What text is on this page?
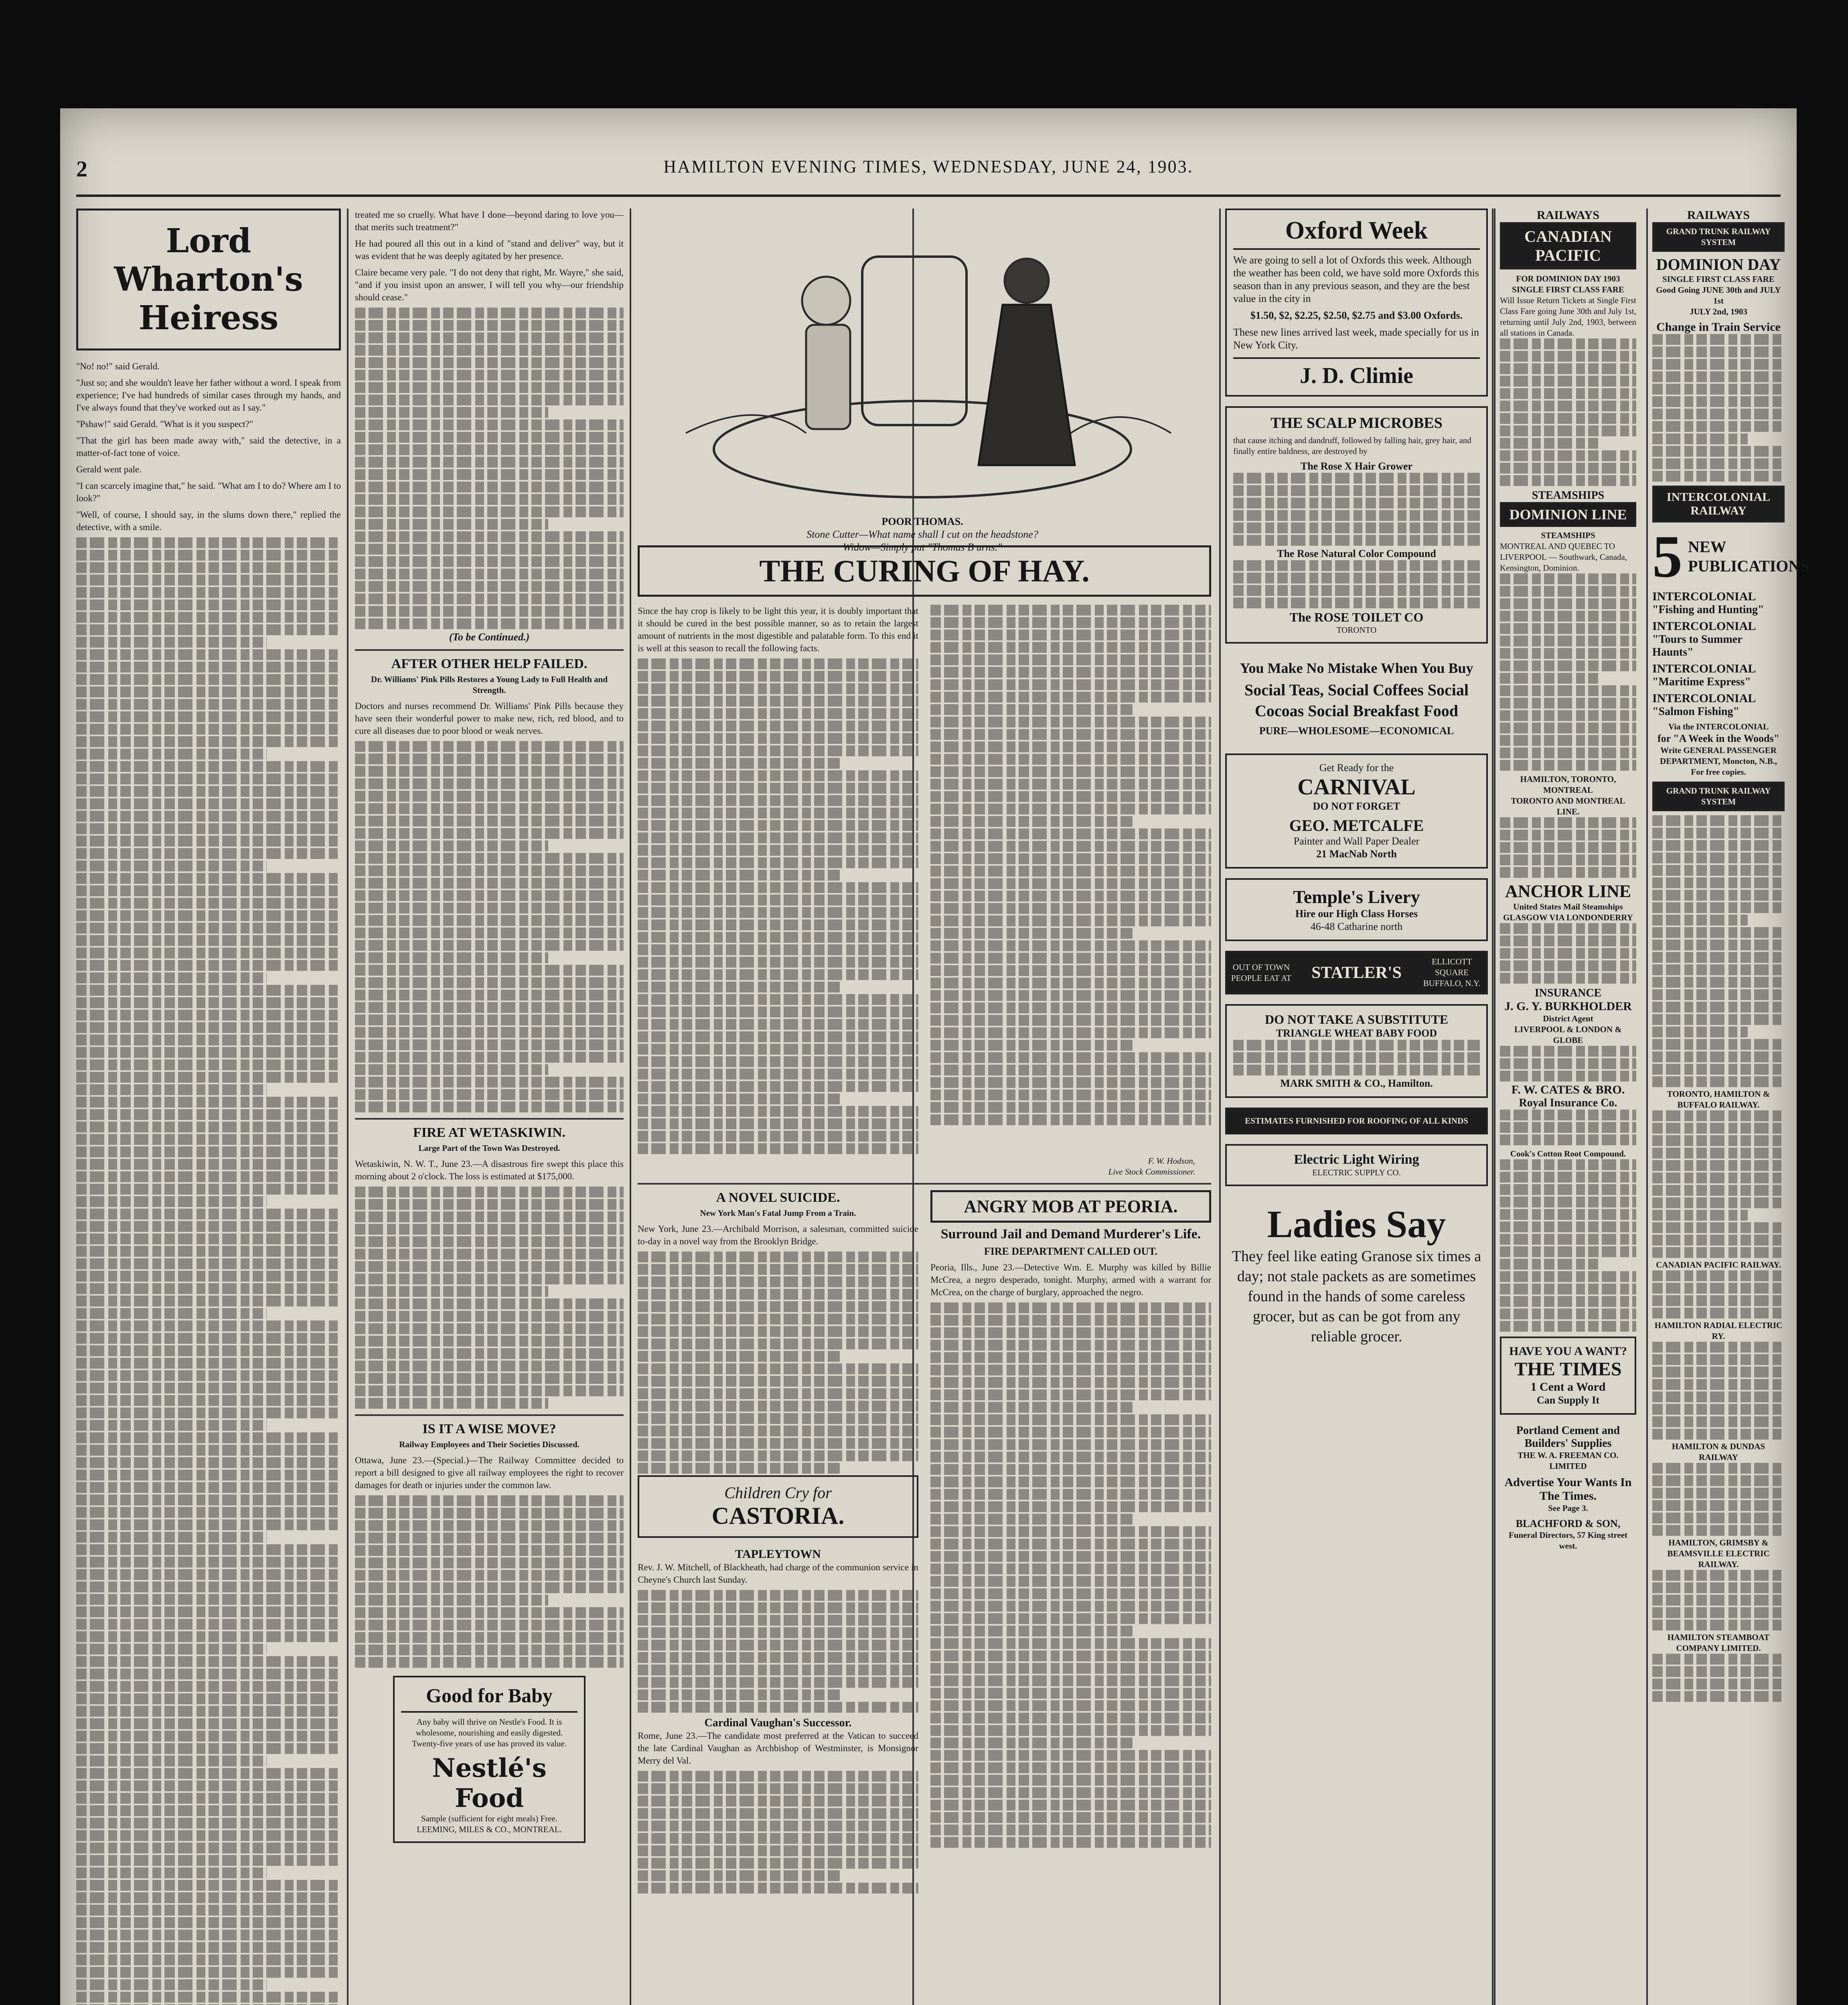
2	HAMILTON EVENING TIMES, WEDNESDAY, JUNE 24, 1903.
Lord Wharton's Heiress

"No! no!" said Gerald.

"Just so; and she wouldn't leave her father without a word. I speak from experience; I've had hundreds of similar cases through my hands, and I've always found that they've worked out as I say."

"Pshaw!" said Gerald. "What is it you suspect?"

"That the girl has been made away with," said the detective, in a matter-of-fact tone of voice.

Gerald went pale.

"I can scarcely imagine that," he said. "What am I to do? Where am I to look?"

"Well, of course, I should say, in the slums down there," replied the detective, with a smile.

treated me so cruelly. What have I done—beyond daring to love you—that merits such treatment?"

He had poured all this out in a kind of "stand and deliver" way, but it was evident that he was deeply agitated by her presence.

Claire became very pale. "I do not deny that right, Mr. Wayre," she said, "and if you insist upon an answer, I will tell you why—our friendship should cease."

(To be Continued.)
AFTER OTHER HELP FAILED.
Dr. Williams' Pink Pills Restores a Young Lady to Full Health and Strength.

Doctors and nurses recommend Dr. Williams' Pink Pills because they have seen their wonderful power to make new, rich, red blood, and to cure all diseases due to poor blood or weak nerves.

FIRE AT WETASKIWIN.
Large Part of the Town Was Destroyed.

Wetaskiwin, N. W. T., June 23.—A disastrous fire swept this place this morning about 2 o'clock. The loss is estimated at $175,000.

IS IT A WISE MOVE?
Railway Employees and Their Societies Discussed.

Ottawa, June 23.—(Special.)—The Railway Committee decided to report a bill designed to give all railway employees the right to recover damages for death or injuries under the common law.

Good for Baby
Any baby will thrive on Nestle's Food. It is wholesome, nourishing and easily digested. Twenty-five years of use has proved its value.
Nestlé's Food
Sample (sufficient for eight meals) Free.
LEEMING, MILES & CO., MONTREAL.
POOR THOMAS.
Stone Cutter—What name shall I cut on the headstone?
Widow—Simply put "Thomas B urns."
THE CURING OF HAY.

Since the hay crop is likely to be light this year, it is doubly important that it should be cured in the best possible manner, so as to retain the largest amount of nutrients in the most digestible and palatable form. To this end it is well at this season to recall the following facts.

F. W. Hodson,
Live Stock Commissioner.
A NOVEL SUICIDE.
New York Man's Fatal Jump From a Train.

New York, June 23.—Archibald Morrison, a salesman, committed suicide to-day in a novel way from the Brooklyn Bridge.

Children Cry for
CASTORIA.
TAPLEYTOWN

Rev. J. W. Mitchell, of Blackheath, had charge of the communion service in Cheyne's Church last Sunday.

Cardinal Vaughan's Successor.

Rome, June 23.—The candidate most preferred at the Vatican to succeed the late Cardinal Vaughan as Archbishop of Westminster, is Monsignor Merry del Val.

ANGRY MOB AT PEORIA.
Surround Jail and Demand Murderer's Life.
FIRE DEPARTMENT CALLED OUT.

Peoria, Ills., June 23.—Detective Wm. E. Murphy was killed by Billie McCrea, a negro desperado, tonight. Murphy, armed with a warrant for McCrea, on the charge of burglary, approached the negro.

Oxford Week
We are going to sell a lot of Oxfords this week. Although the weather has been cold, we have sold more Oxfords this season than in any previous season, and they are the best value in the city in
$1.50, $2, $2.25, $2.50, $2.75 and $3.00 Oxfords.
These new lines arrived last week, made specially for us in New York City.
J. D. Climie
THE SCALP MICROBES
that cause itching and dandruff, followed by falling hair, grey hair, and finally entire baldness, are destroyed by
The Rose X Hair Grower
The Rose Natural Color Compound
The ROSE TOILET CO
TORONTO
You Make No Mistake When You Buy
Social Teas, Social Coffees Social Cocoas Social Breakfast Food
PURE—WHOLESOME—ECONOMICAL
Get Ready for the
CARNIVAL
DO NOT FORGET
GEO. METCALFE
Painter and Wall Paper Dealer
21 MacNab North
Temple's Livery
Hire our High Class Horses
46-48 Catharine north
OUT OF TOWN PEOPLE EAT AT	STATLER'S
ELLICOTT SQUARE BUFFALO, N.Y.
DO NOT TAKE A SUBSTITUTE
TRIANGLE WHEAT BABY FOOD
MARK SMITH & CO., Hamilton.
ESTIMATES FURNISHED FOR ROOFING OF ALL KINDS
Electric Light Wiring
ELECTRIC SUPPLY CO.
Ladies Say
They feel like eating Granose six times a day; not stale packets as are sometimes found in the hands of some careless grocer, but as can be got from any reliable grocer.
RAILWAYS
CANADIAN PACIFIC
FOR DOMINION DAY 1903
SINGLE FIRST CLASS FARE
Will Issue Return Tickets at Single First Class Fare going June 30th and July 1st, returning until July 2nd, 1903, between all stations in Canada.
STEAMSHIPS
DOMINION LINE
STEAMSHIPS
MONTREAL AND QUEBEC TO LIVERPOOL — Southwark, Canada, Kensington, Dominion.
HAMILTON, TORONTO, MONTREAL
TORONTO AND MONTREAL LINE.
ANCHOR LINE
United States Mail Steamships
GLASGOW VIA LONDONDERRY
INSURANCE
J. G. Y. BURKHOLDER
District Agent
LIVERPOOL & LONDON & GLOBE
F. W. CATES & BRO.
Royal Insurance Co.
Cook's Cotton Root Compound.
HAVE YOU A WANT?
THE TIMES
1 Cent a Word
Can Supply It
Portland Cement and Builders' Supplies
THE W. A. FREEMAN CO. LIMITED
Advertise Your Wants In The Times.
See Page 3.
BLACHFORD & SON,
Funeral Directors, 57 King street west.
RAILWAYS
GRAND TRUNK RAILWAY SYSTEM
DOMINION DAY
SINGLE FIRST CLASS FARE
Good Going JUNE 30th and JULY 1st
JULY 2nd, 1903
Change in Train Service
INTERCOLONIAL RAILWAY
5 NEW PUBLICATIONS
INTERCOLONIAL
"Fishing and Hunting"
INTERCOLONIAL
"Tours to Summer Haunts"
INTERCOLONIAL
"Maritime Express"
INTERCOLONIAL
"Salmon Fishing"
Via the INTERCOLONIAL
for "A Week in the Woods"
Write GENERAL PASSENGER DEPARTMENT, Moncton, N.B.,
For free copies.
GRAND TRUNK RAILWAY SYSTEM
TORONTO, HAMILTON & BUFFALO RAILWAY.
CANADIAN PACIFIC RAILWAY.
HAMILTON RADIAL ELECTRIC RY.
HAMILTON & DUNDAS RAILWAY
HAMILTON, GRIMSBY & BEAMSVILLE ELECTRIC RAILWAY.
HAMILTON STEAMBOAT COMPANY LIMITED.
